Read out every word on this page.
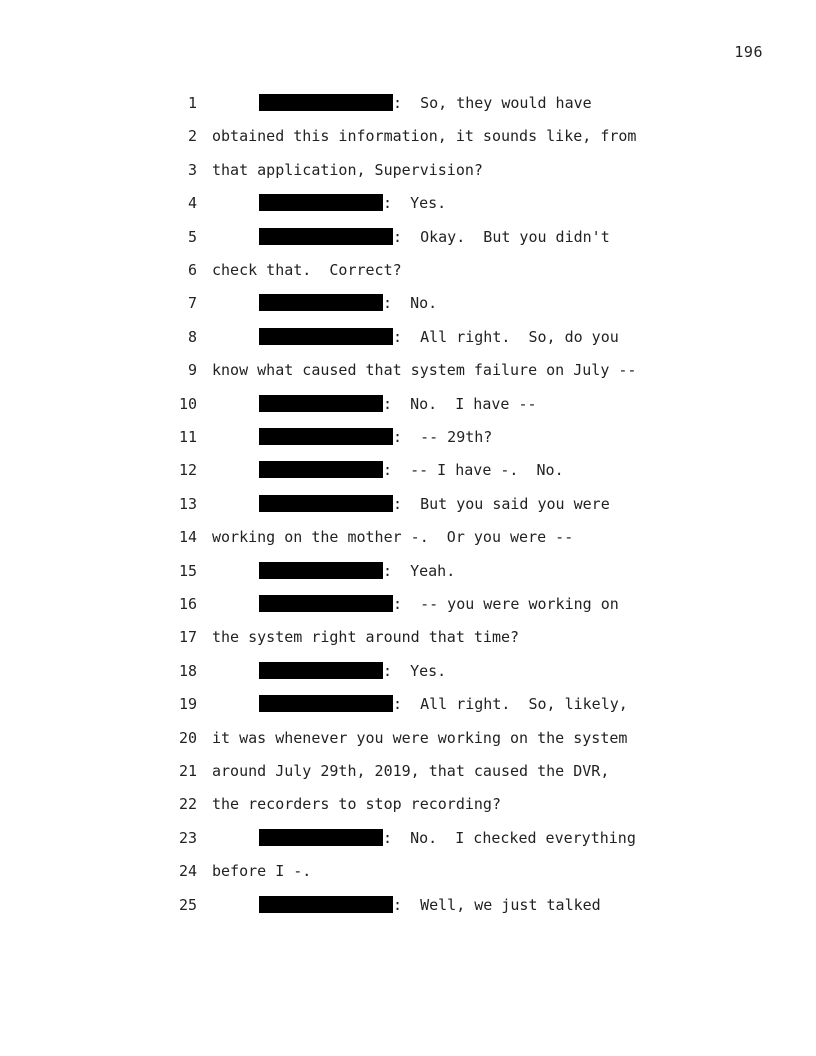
196
1	:  So, they would have
2 obtained this information, it sounds like, from
3 that application, Supervision?
4	:  Yes.
5	:  Okay.  But you didn't
6 check that.  Correct?
7	:  No.
8	:  All right.  So, do you
9 know what caused that system failure on July --
10	:  No.  I have --
11	:  -- 29th?
12	:  -- I have -.  No.
13	:  But you said you were
14 working on the mother -.  Or you were --
15	:  Yeah.
16	:  -- you were working on
17 the system right around that time?
18	:  Yes.
19	:  All right.  So, likely,
20 it was whenever you were working on the system
21 around July 29th, 2019, that caused the DVR,
22 the recorders to stop recording?
23	:  No.  I checked everything
24 before I -.
25	:  Well, we just talked
